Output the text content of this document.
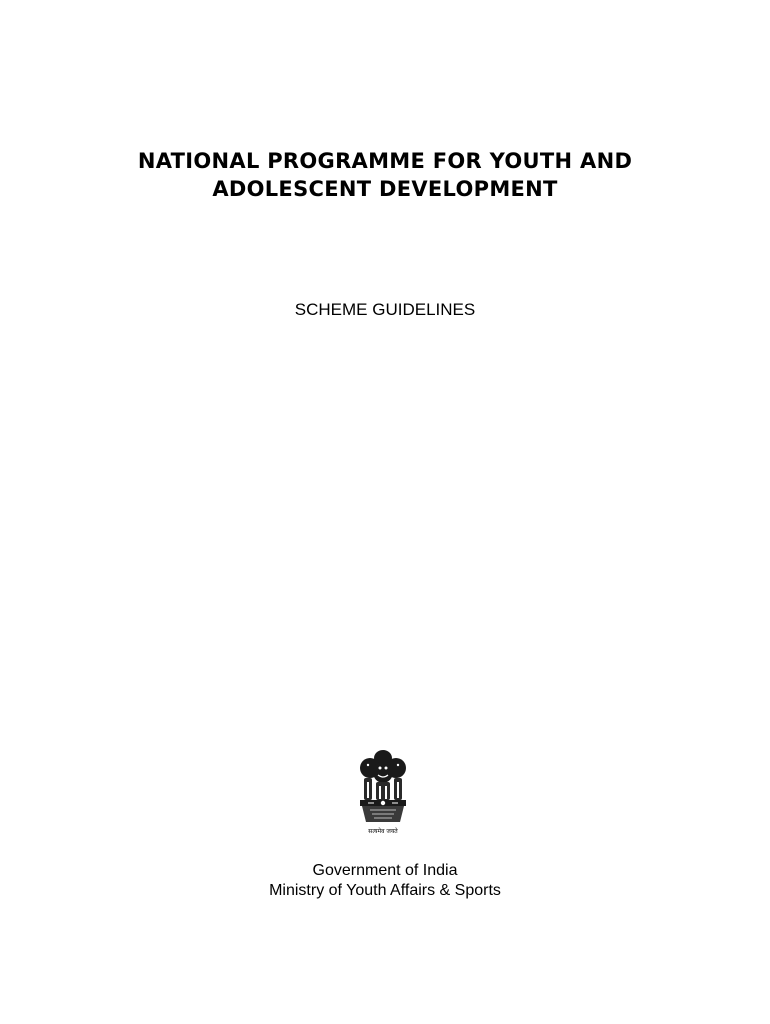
NATIONAL PROGRAMME FOR YOUTH AND
ADOLESCENT DEVELOPMENT

SCHEME GUIDELINES

सत्यमेव जयते

Government of India

Ministry of Youth Affairs & Sports
